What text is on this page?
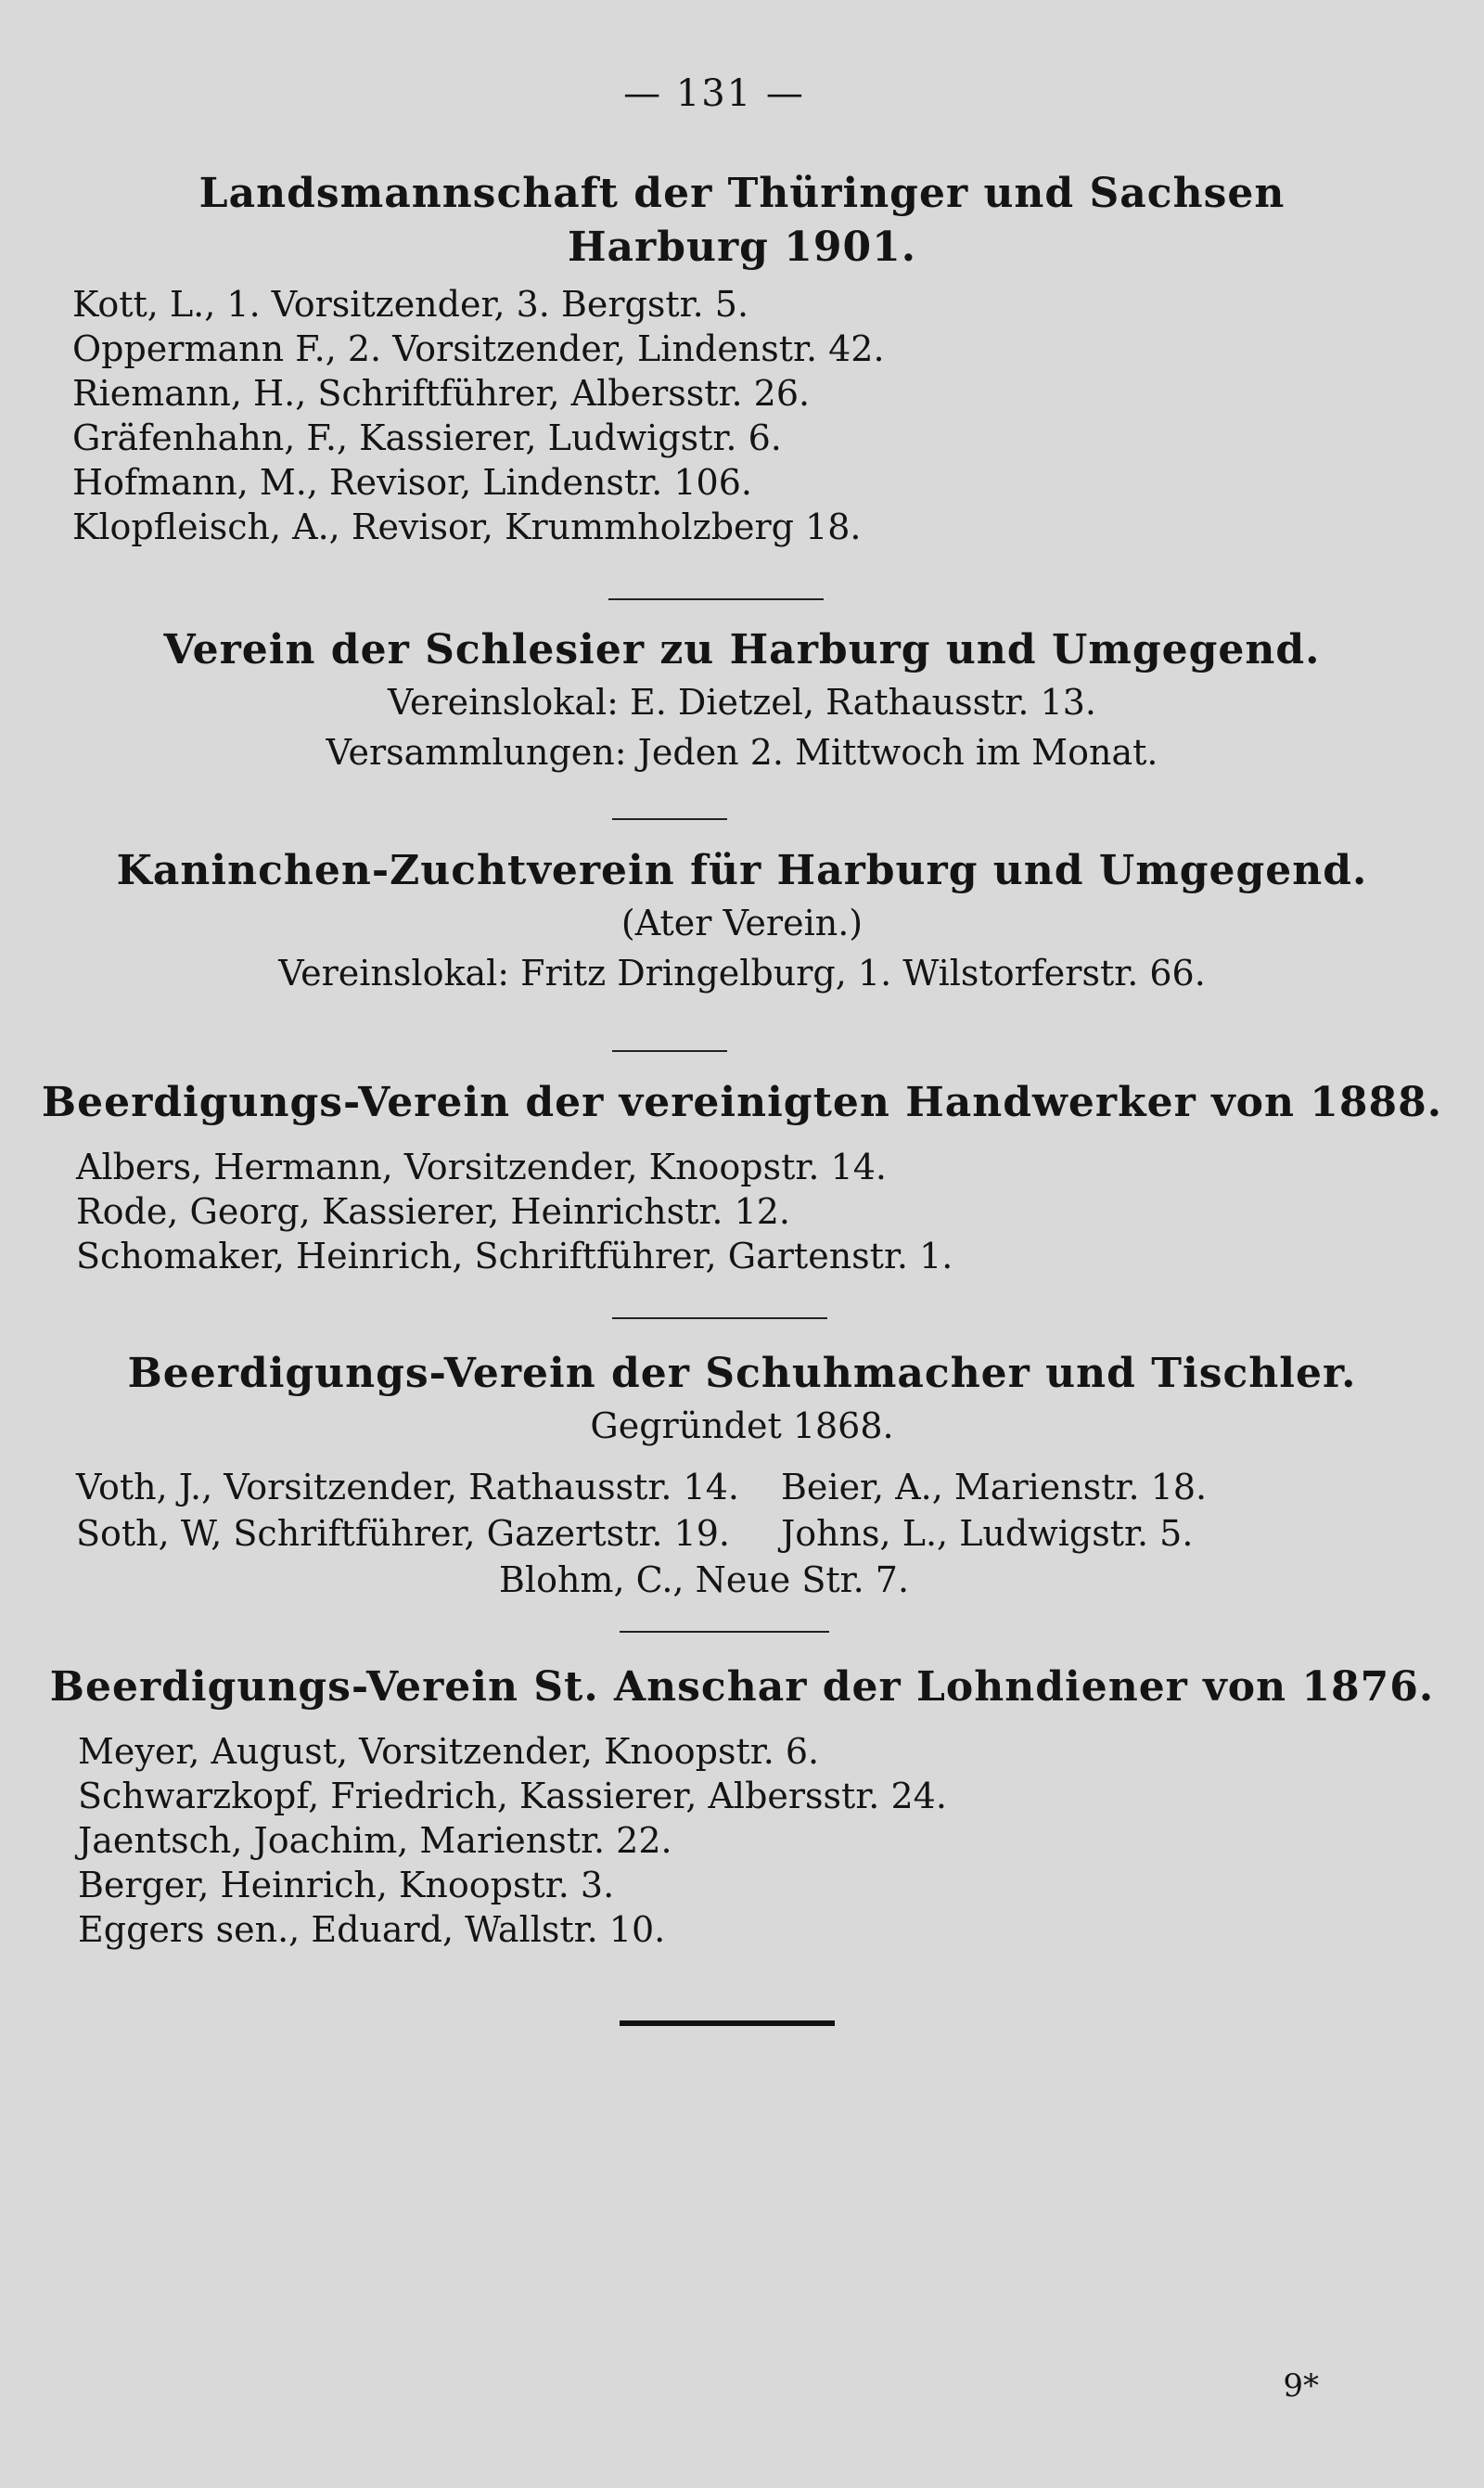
— 131 —
Landsmannschaft der Thüringer und Sachsen
Harburg 1901.
Kott, L., 1. Vorsitzender, 3. Bergstr. 5.
Oppermann F., 2. Vorsitzender, Lindenstr. 42.
Riemann, H., Schriftführer, Albersstr. 26.
Gräfenhahn, F., Kassierer, Ludwigstr. 6.
Hofmann, M., Revisor, Lindenstr. 106.
Klopfleisch, A., Revisor, Krummholzberg 18.
Verein der Schlesier zu Harburg und Umgegend.
Vereinslokal: E. Dietzel, Rathausstr. 13.
Versammlungen: Jeden 2. Mittwoch im Monat.
Kaninchen-Zuchtverein für Harburg und Umgegend.
(Ater Verein.)
Vereinslokal: Fritz Dringelburg, 1. Wilstorferstr. 66.
Beerdigungs-Verein der vereinigten Handwerker von 1888.
Albers, Hermann, Vorsitzender, Knoopstr. 14.
Rode, Georg, Kassierer, Heinrichstr. 12.
Schomaker, Heinrich, Schriftführer, Gartenstr. 1.
Beerdigungs-Verein der Schuhmacher und Tischler.
Gegründet 1868.
Voth, J., Vorsitzender, Rathausstr. 14.	Beier, A., Marienstr. 18.
Soth, W, Schriftführer, Gazertstr. 19.	Johns, L., Ludwigstr. 5.
Blohm, C., Neue Str. 7.
Beerdigungs-Verein St. Anschar der Lohndiener von 1876.
Meyer, August, Vorsitzender, Knoopstr. 6.
Schwarzkopf, Friedrich, Kassierer, Albersstr. 24.
Jaentsch, Joachim, Marienstr. 22.
Berger, Heinrich, Knoopstr. 3.
Eggers sen., Eduard, Wallstr. 10.
9*
